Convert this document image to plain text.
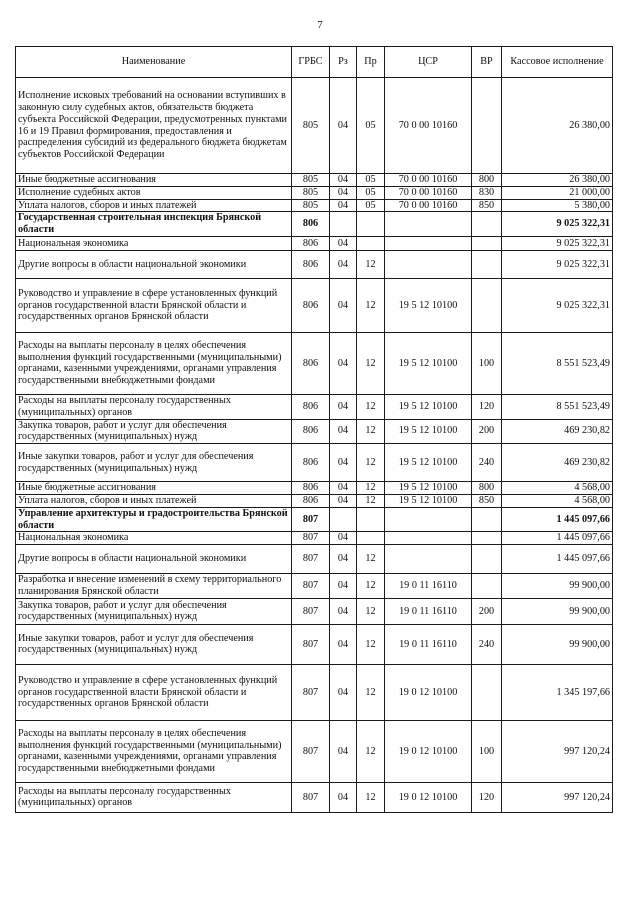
7
Наименование	ГРБС	Рз	Пр	ЦСР	ВР	Кассовое исполнение
Исполнение исковых требований на основании вступивших в законную силу судебных актов, обязательств бюджета субъекта Российской Федерации, предусмотренных пунктами 16 и 19 Правил формирования, предоставления и распределения субсидий из федерального бюджета бюджетам субъектов Российской Федерации	805	04	05	70 0 00 10160		26 380,00
Иные бюджетные ассигнования	805	04	05	70 0 00 10160	800	26 380,00
Исполнение судебных актов	805	04	05	70 0 00 10160	830	21 000,00
Уплата налогов, сборов и иных платежей	805	04	05	70 0 00 10160	850	5 380,00
Государственная строительная инспекция Брянской области	806					9 025 322,31
Национальная экономика	806	04				9 025 322,31
Другие вопросы в области национальной экономики	806	04	12			9 025 322,31
Руководство и управление в сфере установленных функций органов государственной власти Брянской области и государственных органов Брянской области	806	04	12	19 5 12 10100		9 025 322,31
Расходы на выплаты персоналу в целях обеспечения выполнения функций государственными (муниципальными) органами, казенными учреждениями, органами управления государственными внебюджетными фондами	806	04	12	19 5 12 10100	100	8 551 523,49
Расходы на выплаты персоналу государственных (муниципальных) органов	806	04	12	19 5 12 10100	120	8 551 523,49
Закупка товаров, работ и услуг для обеспечения государственных (муниципальных) нужд	806	04	12	19 5 12 10100	200	469 230,82
Иные закупки товаров, работ и услуг для обеспечения государственных (муниципальных) нужд	806	04	12	19 5 12 10100	240	469 230,82
Иные бюджетные ассигнования	806	04	12	19 5 12 10100	800	4 568,00
Уплата налогов, сборов и иных платежей	806	04	12	19 5 12 10100	850	4 568,00
Управление архитектуры и градостроительства Брянской области	807					1 445 097,66
Национальная экономика	807	04				1 445 097,66
Другие вопросы в области национальной экономики	807	04	12			1 445 097,66
Разработка и внесение изменений в схему территориального планирования Брянской области	807	04	12	19 0 11 16110		99 900,00
Закупка товаров, работ и услуг для обеспечения государственных (муниципальных) нужд	807	04	12	19 0 11 16110	200	99 900,00
Иные закупки товаров, работ и услуг для обеспечения государственных (муниципальных) нужд	807	04	12	19 0 11 16110	240	99 900,00
Руководство и управление в сфере установленных функций органов государственной власти Брянской области и государственных органов Брянской области	807	04	12	19 0 12 10100		1 345 197,66
Расходы на выплаты персоналу в целях обеспечения выполнения функций государственными (муниципальными) органами, казенными учреждениями, органами управления государственными внебюджетными фондами	807	04	12	19 0 12 10100	100	997 120,24
Расходы на выплаты персоналу государственных (муниципальных) органов	807	04	12	19 0 12 10100	120	997 120,24
